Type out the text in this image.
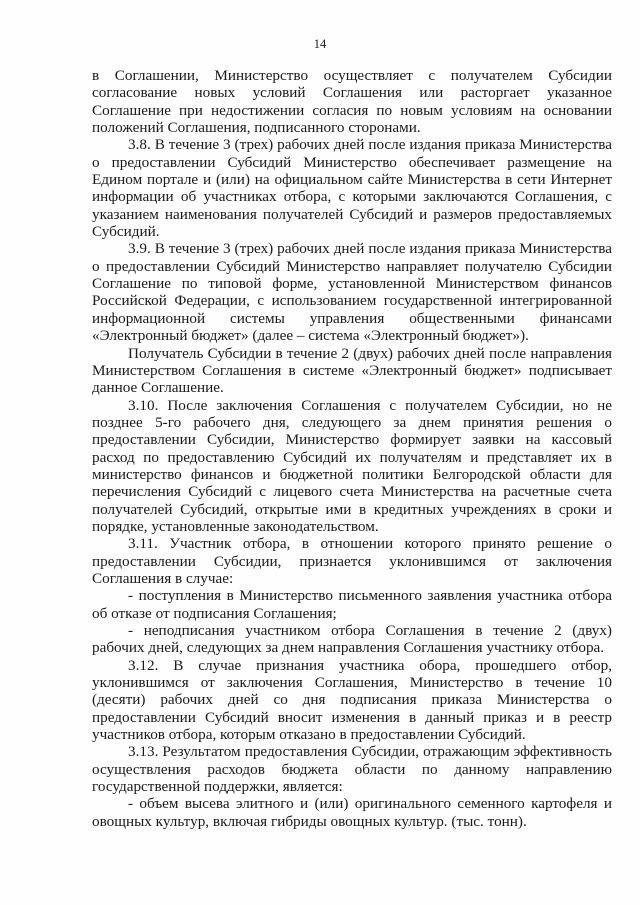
14

в Соглашении, Министерство осуществляет с получателем Субсидии согласование новых условий Соглашения или расторгает указанное Соглашение при недостижении согласия по новым условиям на основании положений Соглашения, подписанного сторонами.

3.8. В течение 3 (трех) рабочих дней после издания приказа Министерства о предоставлении Субсидий Министерство обеспечивает размещение на Едином портале и (или) на официальном сайте Министерства в сети Интернет информации об участниках отбора, с которыми заключаются Соглашения, с указанием наименования получателей Субсидий и размеров предоставляемых Субсидий.

3.9. В течение 3 (трех) рабочих дней после издания приказа Министерства о предоставлении Субсидий Министерство направляет получателю Субсидии Соглашение по типовой форме, установленной Министерством финансов Российской Федерации, с использованием государственной интегрированной информационной системы управления общественными финансами «Электронный бюджет» (далее – система «Электронный бюджет»).

Получатель Субсидии в течение 2 (двух) рабочих дней после направления Министерством Соглашения в системе «Электронный бюджет» подписывает данное Соглашение.

3.10. После заключения Соглашения с получателем Субсидии, но не позднее 5-го рабочего дня, следующего за днем принятия решения о предоставлении Субсидии, Министерство формирует заявки на кассовый расход по предоставлению Субсидий их получателям и представляет их в министерство финансов и бюджетной политики Белгородской области для перечисления Субсидий с лицевого счета Министерства на расчетные счета получателей Субсидий, открытые ими в кредитных учреждениях в сроки и порядке, установленные законодательством.

3.11. Участник отбора, в отношении которого принято решение о предоставлении Субсидии, признается уклонившимся от заключения Соглашения в случае:

- поступления в Министерство письменного заявления участника отбора об отказе от подписания Соглашения;

- неподписания участником отбора Соглашения в течение 2 (двух) рабочих дней, следующих за днем направления Соглашения участнику отбора.

3.12. В случае признания участника обора, прошедшего отбор, уклонившимся от заключения Соглашения, Министерство в течение 10 (десяти) рабочих дней со дня подписания приказа Министерства о предоставлении Субсидий вносит изменения в данный приказ и в реестр участников отбора, которым отказано в предоставлении Субсидий.

3.13. Результатом предоставления Субсидии, отражающим эффективность осуществления расходов бюджета области по данному направлению государственной поддержки, является:

- объем высева элитного и (или) оригинального семенного картофеля и овощных культур, включая гибриды овощных культур. (тыс. тонн).
